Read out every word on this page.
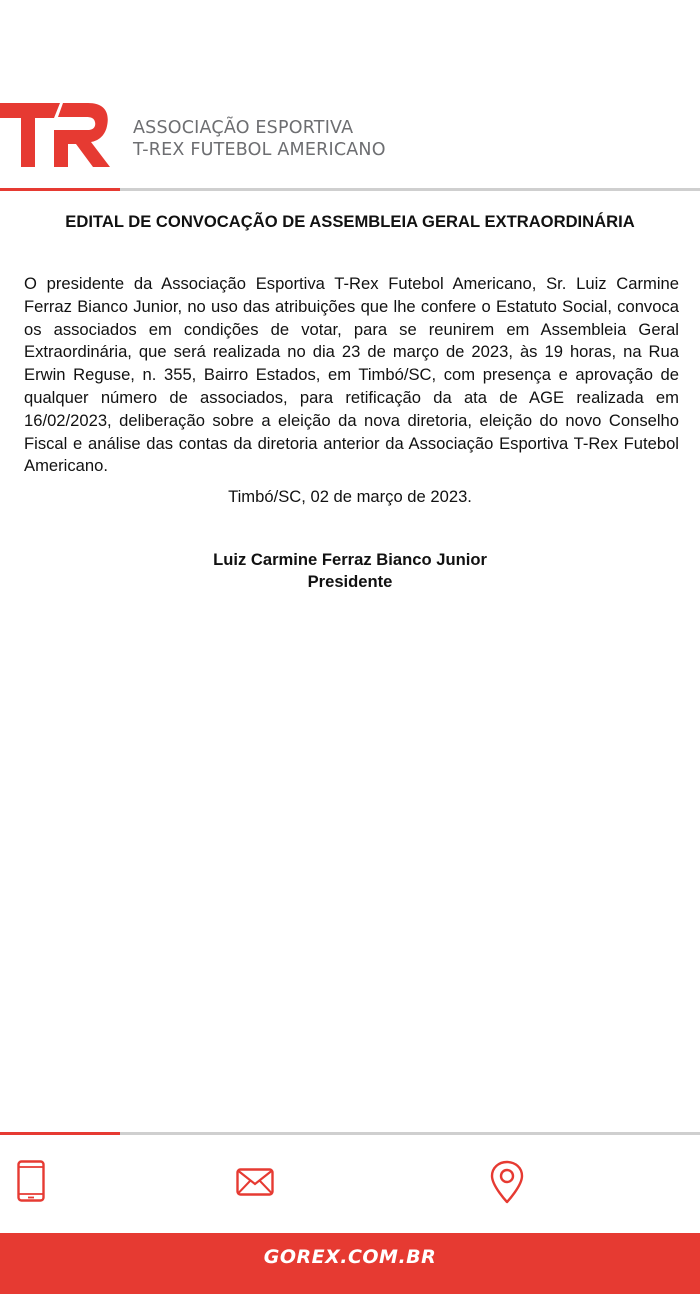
ASSOCIAÇÃO ESPORTIVA
T-REX FUTEBOL AMERICANO
EDITAL DE CONVOCAÇÃO DE ASSEMBLEIA GERAL EXTRAORDINÁRIA

O presidente da Associação Esportiva T-Rex Futebol Americano, Sr. Luiz Carmine Ferraz Bianco Junior, no uso das atribuições que lhe confere o Estatuto Social, convoca os associados em condições de votar, para se reunirem em Assembleia Geral Extraordinária, que será realizada no dia 23 de março de 2023, às 19 horas, na Rua Erwin Reguse, n. 355, Bairro Estados, em Timbó/SC, com presença e aprovação de qualquer número de associados, para retificação da ata de AGE realizada em 16/02/2023, deliberação sobre a eleição da nova diretoria, eleição do novo Conselho Fiscal e análise das contas da diretoria anterior da Associação Esportiva T-Rex Futebol Americano.

Timbó/SC, 02 de março de 2023.
Luiz Carmine Ferraz Bianco Junior
Presidente
GOREX.COM.BR
